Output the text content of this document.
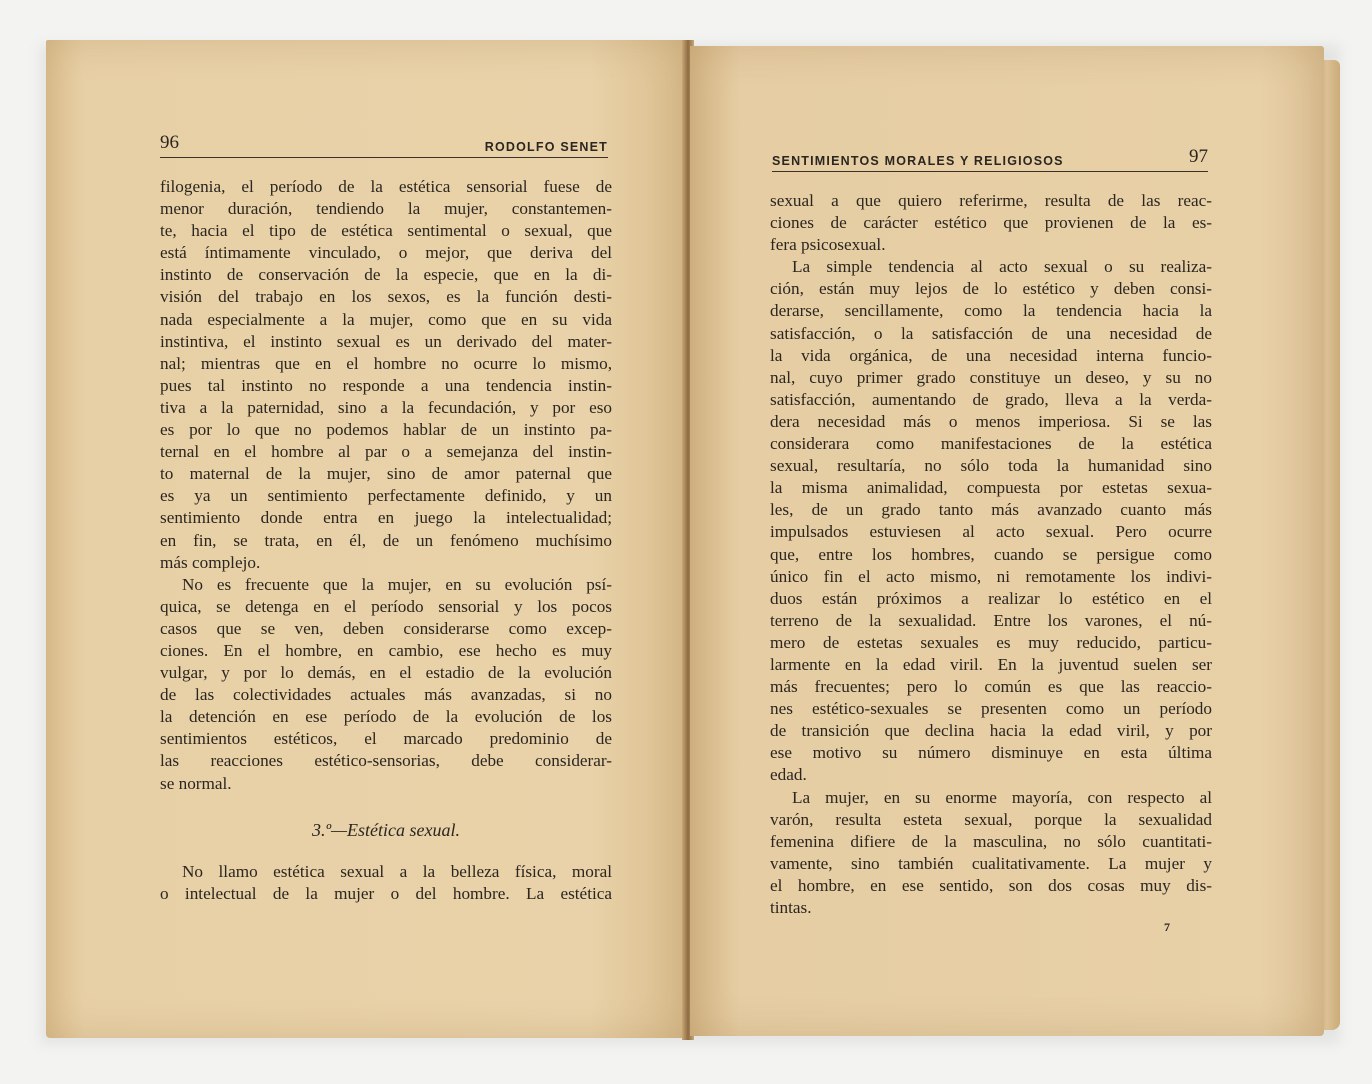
96	RODOLFO SENET

filogenia, el período de la estética sensorial fuese de
menor duración, tendiendo la mujer, constantemen-
te, hacia el tipo de estética sentimental o sexual, que
está íntimamente vinculado, o mejor, que deriva del
instinto de conservación de la especie, que en la di-
visión del trabajo en los sexos, es la función desti-
nada especialmente a la mujer, como que en su vida
instintiva, el instinto sexual es un derivado del mater-
nal; mientras que en el hombre no ocurre lo mismo,
pues tal instinto no responde a una tendencia instin-
tiva a la paternidad, sino a la fecundación, y por eso
es por lo que no podemos hablar de un instinto pa-
ternal en el hombre al par o a semejanza del instin-
to maternal de la mujer, sino de amor paternal que
es ya un sentimiento perfectamente definido, y un
sentimiento donde entra en juego la intelectualidad;
en fin, se trata, en él, de un fenómeno muchísimo
más complejo.

No es frecuente que la mujer, en su evolución psí-
quica, se detenga en el período sensorial y los pocos
casos que se ven, deben considerarse como excep-
ciones. En el hombre, en cambio, ese hecho es muy
vulgar, y por lo demás, en el estadio de la evolución
de las colectividades actuales más avanzadas, si no
la detención en ese período de la evolución de los
sentimientos estéticos, el marcado predominio de
las reacciones estético-sensorias, debe considerar-
se normal.

3.º—Estética sexual.

No llamo estética sexual a la belleza física, moral
o intelectual de la mujer o del hombre. La estética

SENTIMIENTOS MORALES Y RELIGIOSOS	97

sexual a que quiero referirme, resulta de las reac-
ciones de carácter estético que provienen de la es-
fera psicosexual.

La simple tendencia al acto sexual o su realiza-
ción, están muy lejos de lo estético y deben consi-
derarse, sencillamente, como la tendencia hacia la
satisfacción, o la satisfacción de una necesidad de
la vida orgánica, de una necesidad interna funcio-
nal, cuyo primer grado constituye un deseo, y su no
satisfacción, aumentando de grado, lleva a la verda-
dera necesidad más o menos imperiosa. Si se las
considerara como manifestaciones de la estética
sexual, resultaría, no sólo toda la humanidad sino
la misma animalidad, compuesta por estetas sexua-
les, de un grado tanto más avanzado cuanto más
impulsados estuviesen al acto sexual. Pero ocurre
que, entre los hombres, cuando se persigue como
único fin el acto mismo, ni remotamente los indivi-
duos están próximos a realizar lo estético en el
terreno de la sexualidad. Entre los varones, el nú-
mero de estetas sexuales es muy reducido, particu-
larmente en la edad viril. En la juventud suelen ser
más frecuentes; pero lo común es que las reaccio-
nes estético-sexuales se presenten como un período
de transición que declina hacia la edad viril, y por
ese motivo su número disminuye en esta última
edad.

La mujer, en su enorme mayoría, con respecto al
varón, resulta esteta sexual, porque la sexualidad
femenina difiere de la masculina, no sólo cuantitati-
vamente, sino también cualitativamente. La mujer y
el hombre, en ese sentido, son dos cosas muy dis-
tintas.

7
